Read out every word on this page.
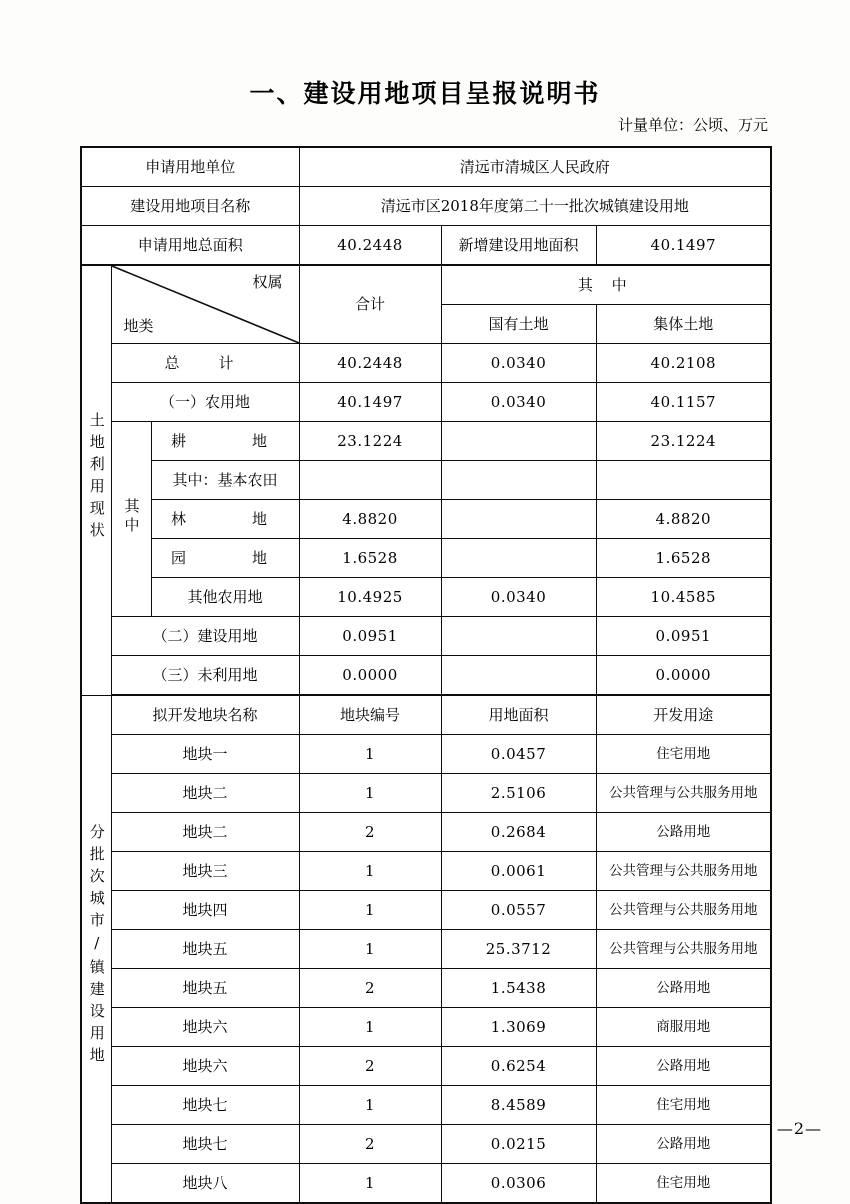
一、建设用地项目呈报说明书
计量单位：公顷、万元
申请用地单位			清远市清城区人民政府		
建设用地项目名称			清远市区2018年度第二十一批次城镇建设用地		
申请用地总面积			40.2448	新增建设用地面积	40.1497
土地利用现状	权属
地类		合计	其 中	
				国有土地	集体土地
	总　计		40.2448	0.0340	40.2108
	（一）农用地		40.1497	0.0340	40.1157
	其中	耕　　地	23.1224		23.1224
		其中：基本农田			
		林　　地	4.8820		4.8820
		园　　地	1.6528		1.6528
		其他农用地	10.4925	0.0340	10.4585
	（二）建设用地		0.0951		0.0951
	（三）未利用地		0.0000		0.0000
分批次城市/镇建设用地	拟开发地块名称		地块编号	用地面积	开发用途
	地块一		1	0.0457	住宅用地
	地块二		1	2.5106	公共管理与公共服务用地
	地块二		2	0.2684	公路用地
	地块三		1	0.0061	公共管理与公共服务用地
	地块四		1	0.0557	公共管理与公共服务用地
	地块五		1	25.3712	公共管理与公共服务用地
	地块五		2	1.5438	公路用地
	地块六		1	1.3069	商服用地
	地块六		2	0.6254	公路用地
	地块七		1	8.4589	住宅用地
	地块七		2	0.0215	公路用地
	地块八		1	0.0306	住宅用地
—2—
